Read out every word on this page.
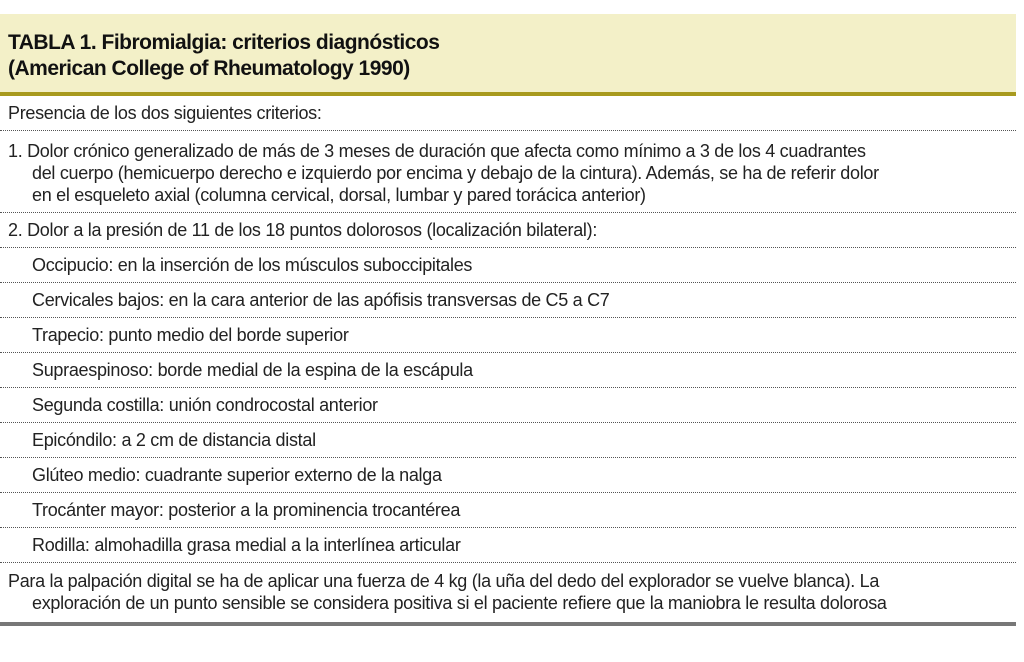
TABLA 1. Fibromialgia: criterios diagnósticos
(American College of Rheumatology 1990)
Presencia de los dos siguientes criterios:
1. Dolor crónico generalizado de más de 3 meses de duración que afecta como mínimo a 3 de los 4 cuadrantes
del cuerpo (hemicuerpo derecho e izquierdo por encima y debajo de la cintura). Además, se ha de referir dolor
en el esqueleto axial (columna cervical, dorsal, lumbar y pared torácica anterior)
2. Dolor a la presión de 11 de los 18 puntos dolorosos (localización bilateral):
Occipucio: en la inserción de los músculos suboccipitales
Cervicales bajos: en la cara anterior de las apófisis transversas de C5 a C7
Trapecio: punto medio del borde superior
Supraespinoso: borde medial de la espina de la escápula
Segunda costilla: unión condrocostal anterior
Epicóndilo: a 2 cm de distancia distal
Glúteo medio: cuadrante superior externo de la nalga
Trocánter mayor: posterior a la prominencia trocantérea
Rodilla: almohadilla grasa medial a la interlínea articular
Para la palpación digital se ha de aplicar una fuerza de 4 kg (la uña del dedo del explorador se vuelve blanca). La
exploración de un punto sensible se considera positiva si el paciente refiere que la maniobra le resulta dolorosa
